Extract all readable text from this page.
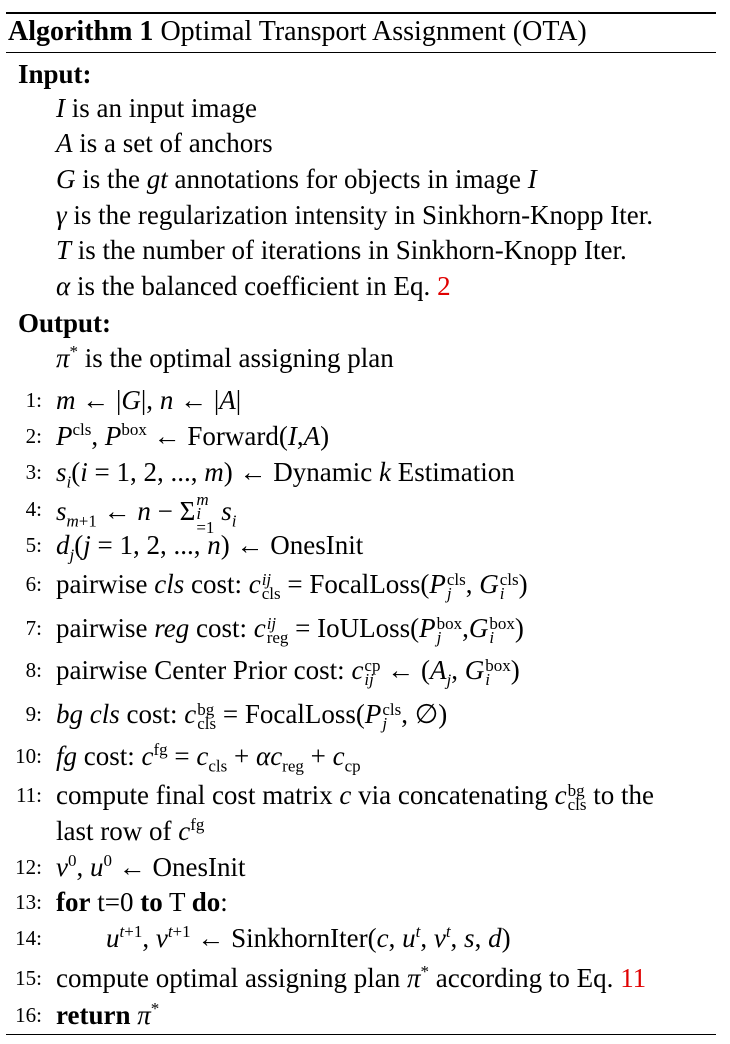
Algorithm 1 Optimal Transport Assignment (OTA)
Input:
I is an input image
A is a set of anchors
G is the gt annotations for objects in image I
γ is the regularization intensity in Sinkhorn-Knopp Iter.
T is the number of iterations in Sinkhorn-Knopp Iter.
α is the balanced coefficient in Eq. 2
Output:
π* is the optimal assigning plan
1: m ← |G|, n ← |A|
2: $P^{cls}$, $P^{box}$ ← Forward(I,A)
3: $s_i(i = 1$, 2, ..., m) ← Dynamic k Estimation
4: $s_{m+1}$ ← n − Σ m
i
=1
$s_i$
5: $d_j(j = 1$, 2, ..., n) ← OnesInit
6: pairwise cls cost: c ij
cls = FocalLoss(P cls
j , G cls
i )
7: pairwise reg cost: c ij
reg = IoULoss(P box
j ,G box
i )
8: pairwise Center Prior cost: c cp
ij ← ($A_j$, G box
i )
9: bg cls cost: c bg
cls = FocalLoss(P cls
j , ∅)
10: fg cost: $c^{fg} = c_{cls} + \alpha c_{reg} + c_{cp}$
11: compute final cost matrix c via concatenating c bg
cls to the
last row of $c^{fg}$
12: $v^0$, $u^0$ ← OnesInit
13: for t=0 to T do:
14: $u^{t+1}$, $v^{t+1}$ ← SinkhornIter(c, $u^t$, $v^t$, s, d)
15: compute optimal assigning plan π* according to Eq. 11
16: return π*
